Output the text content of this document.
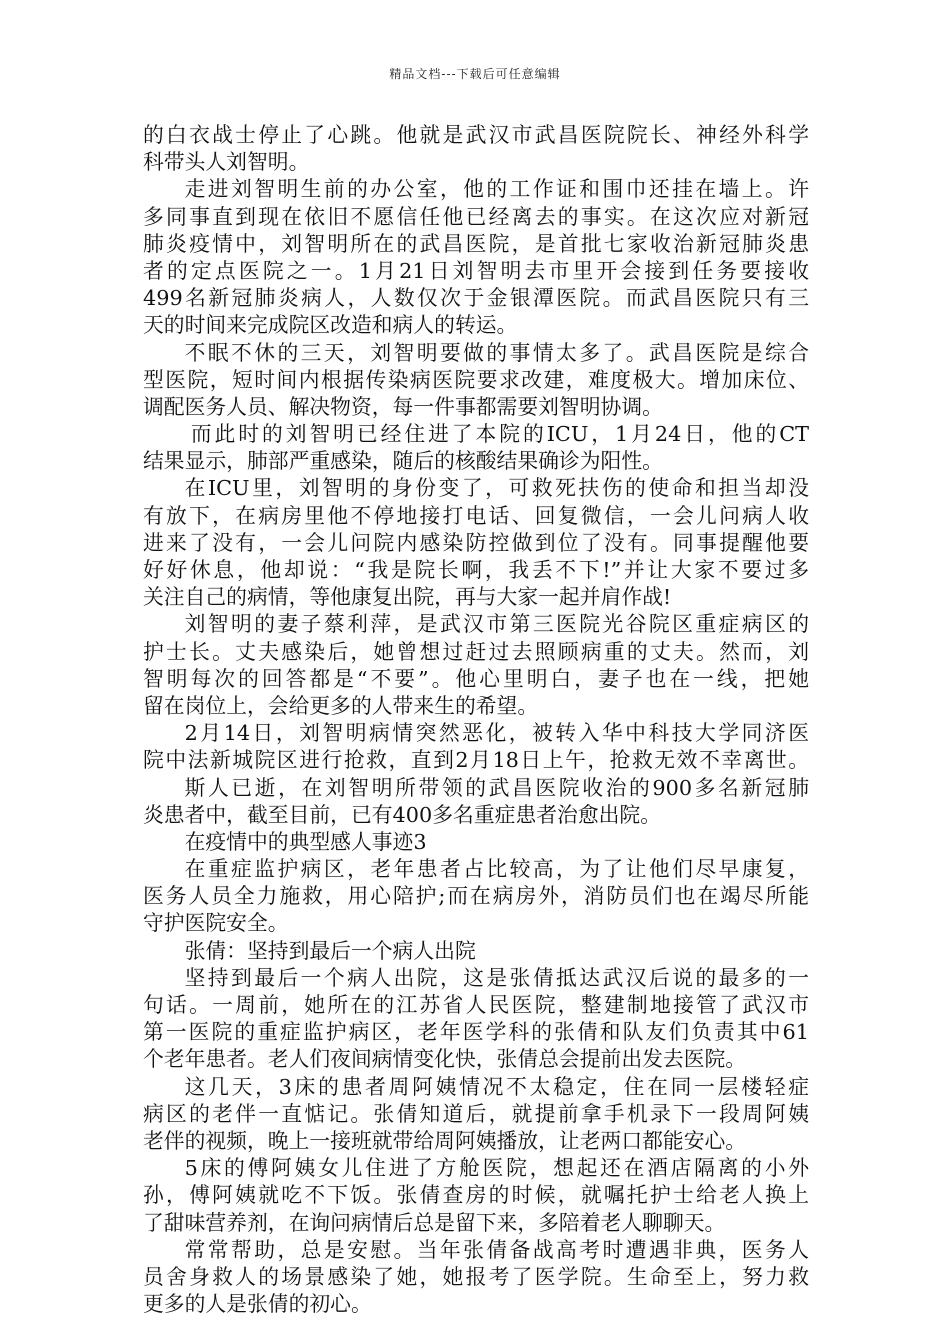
精品文档---下载后可任意编辑
的白衣战士停止了心跳。他就是武汉市武昌医院院长、神经外科学
科带头人刘智明。
走进刘智明生前的办公室，他的工作证和围巾还挂在墙上。许
多同事直到现在依旧不愿信任他已经离去的事实。在这次应对新冠
肺炎疫情中，刘智明所在的武昌医院，是首批七家收治新冠肺炎患
者的定点医院之一。1月21日刘智明去市里开会接到任务要接收
499名新冠肺炎病人，人数仅次于金银潭医院。而武昌医院只有三
天的时间来完成院区改造和病人的转运。
不眠不休的三天，刘智明要做的事情太多了。武昌医院是综合
型医院，短时间内根据传染病医院要求改建，难度极大。增加床位、
调配医务人员、解决物资，每一件事都需要刘智明协调。
而此时的刘智明已经住进了本院的ICU，1月24日，他的CT
结果显示，肺部严重感染，随后的核酸结果确诊为阳性。
在ICU里，刘智明的身份变了，可救死扶伤的使命和担当却没
有放下，在病房里他不停地接打电话、回复微信，一会儿问病人收
进来了没有，一会儿问院内感染防控做到位了没有。同事提醒他要
好好休息，他却说：“我是院长啊，我丢不下!”并让大家不要过多
关注自己的病情，等他康复出院，再与大家一起并肩作战!
刘智明的妻子蔡利萍，是武汉市第三医院光谷院区重症病区的
护士长。丈夫感染后，她曾想过赶过去照顾病重的丈夫。然而，刘
智明每次的回答都是“不要”。他心里明白，妻子也在一线，把她
留在岗位上，会给更多的人带来生的希望。
2月14日，刘智明病情突然恶化，被转入华中科技大学同济医
院中法新城院区进行抢救，直到2月18日上午，抢救无效不幸离世。
斯人已逝，在刘智明所带领的武昌医院收治的900多名新冠肺
炎患者中，截至目前，已有400多名重症患者治愈出院。
在疫情中的典型感人事迹3
在重症监护病区，老年患者占比较高，为了让他们尽早康复，
医务人员全力施救，用心陪护;而在病房外，消防员们也在竭尽所能
守护医院安全。
张倩：坚持到最后一个病人出院
坚持到最后一个病人出院，这是张倩抵达武汉后说的最多的一
句话。一周前，她所在的江苏省人民医院，整建制地接管了武汉市
第一医院的重症监护病区，老年医学科的张倩和队友们负责其中61
个老年患者。老人们夜间病情变化快，张倩总会提前出发去医院。
这几天，3床的患者周阿姨情况不太稳定，住在同一层楼轻症
病区的老伴一直惦记。张倩知道后，就提前拿手机录下一段周阿姨
老伴的视频，晚上一接班就带给周阿姨播放，让老两口都能安心。
5床的傅阿姨女儿住进了方舱医院，想起还在酒店隔离的小外
孙，傅阿姨就吃不下饭。张倩查房的时候，就嘱托护士给老人换上
了甜味营养剂，在询问病情后总是留下来，多陪着老人聊聊天。
常常帮助，总是安慰。当年张倩备战高考时遭遇非典，医务人
员舍身救人的场景感染了她，她报考了医学院。生命至上，努力救
更多的人是张倩的初心。
